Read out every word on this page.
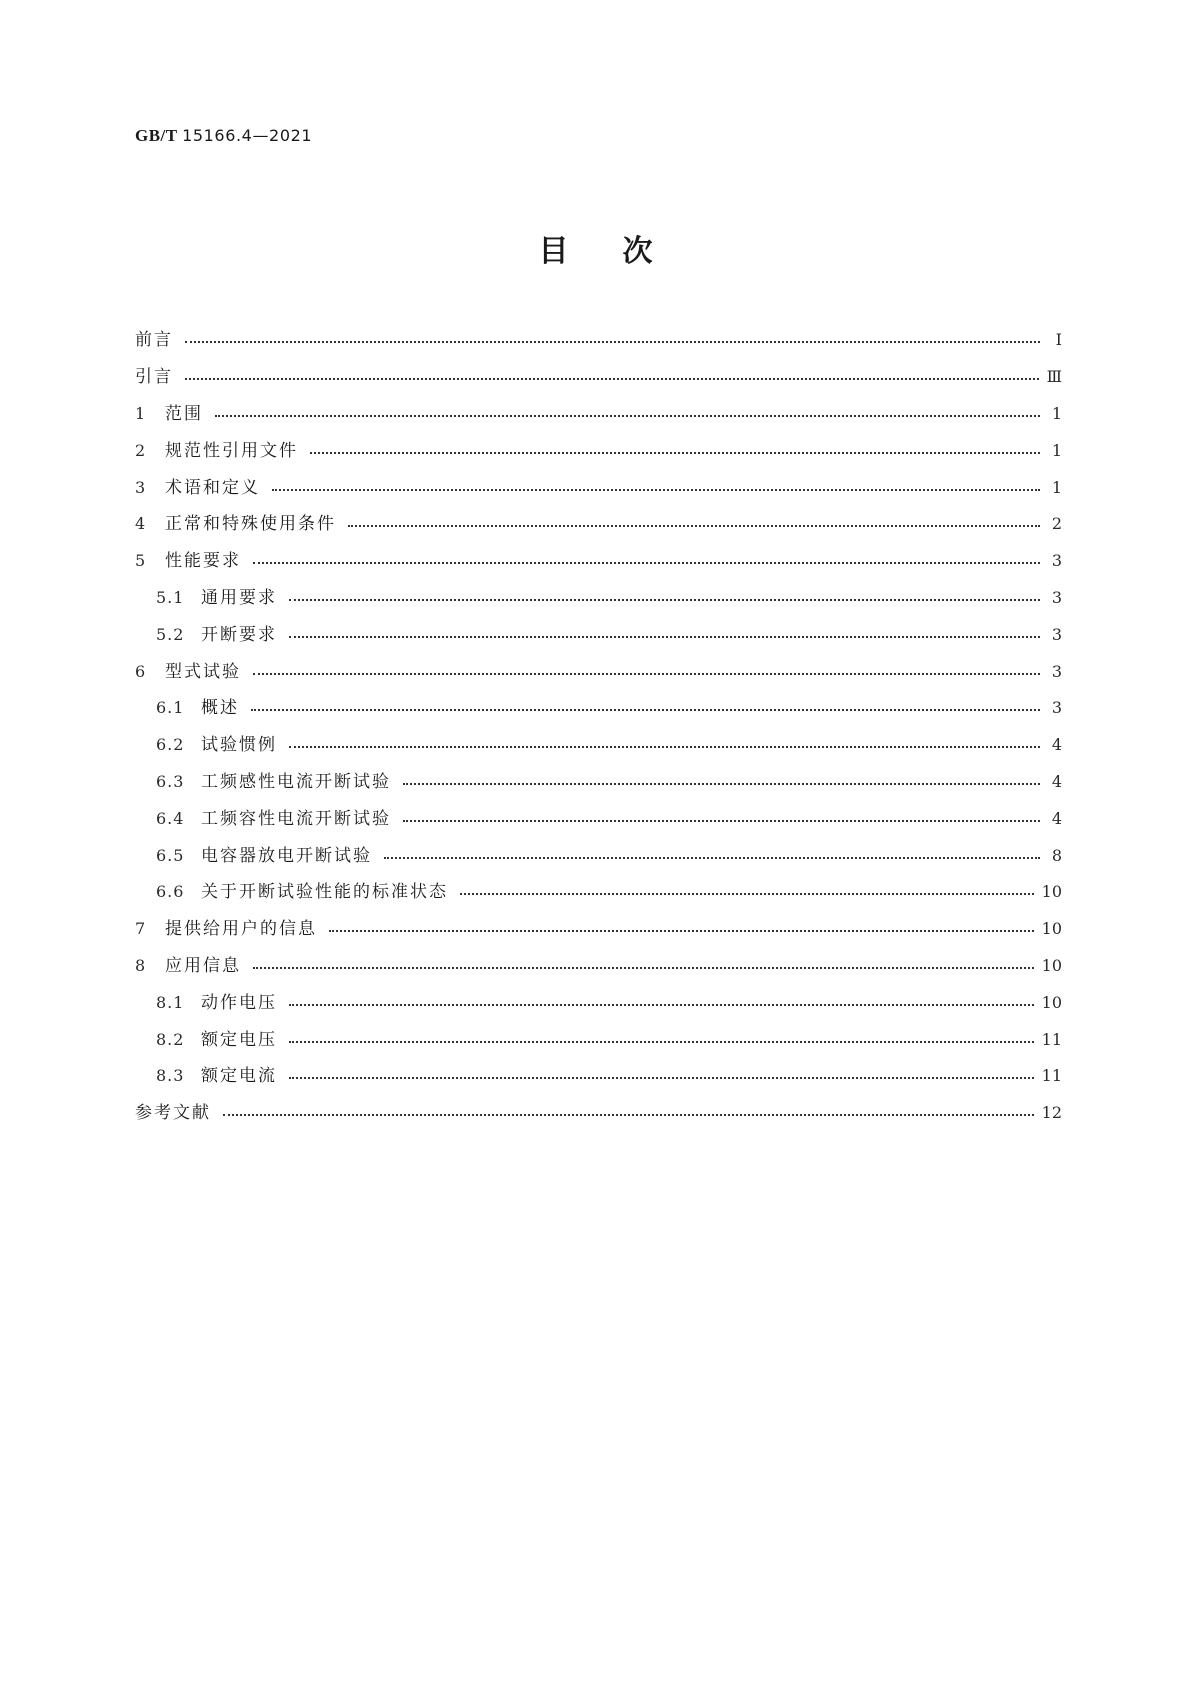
GB/T 15166.4—2021
目次
前言	Ⅰ
引言	Ⅲ
1	范围	1
2	规范性引用文件	1
3	术语和定义	1
4	正常和特殊使用条件	2
5	性能要求	3
5.1 通用要求	3
5.2 开断要求	3
6	型式试验	3
6.1 概述	3
6.2 试验惯例	4
6.3 工频感性电流开断试验	4
6.4 工频容性电流开断试验	4
6.5 电容器放电开断试验	8
6.6 关于开断试验性能的标准状态	10
7	提供给用户的信息	10
8	应用信息	10
8.1 动作电压	10
8.2 额定电压	11
8.3 额定电流	11
参考文献	12
